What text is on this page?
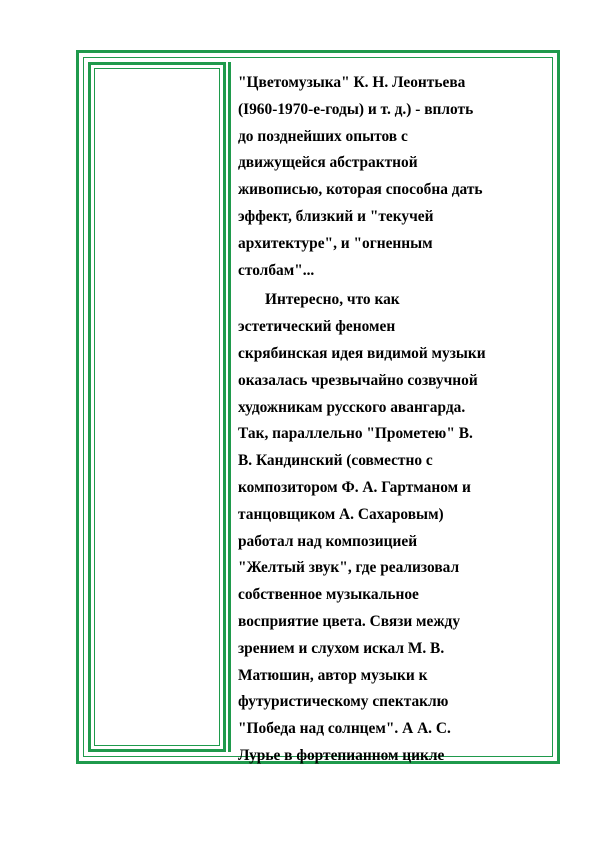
"Цветомузыка" К. Н. Леонтьева
(I960-1970-е-годы) и т. д.) - вплоть
до позднейших опытов с
движущейся абстрактной
живописью, которая способна дать
эффект, близкий и "текучей
архитектуре", и "огненным
столбам"...
Интересно, что как
эстетический феномен
скрябинская идея видимой музыки
оказалась чрезвычайно созвучной
художникам русского авангарда.
Так, параллельно "Прометею" В.
В. Кандинский (совместно с
композитором Ф. А. Гартманом и
танцовщиком А. Сахаровым)
работал над композицией
"Желтый звук", где реализовал
собственное музыкальное
восприятие цвета. Связи между
зрением и слухом искал М. В.
Матюшин, автор музыки к
футуристическому спектаклю
"Победа над солнцем". А А. С.
Лурье в фортепианном цикле
